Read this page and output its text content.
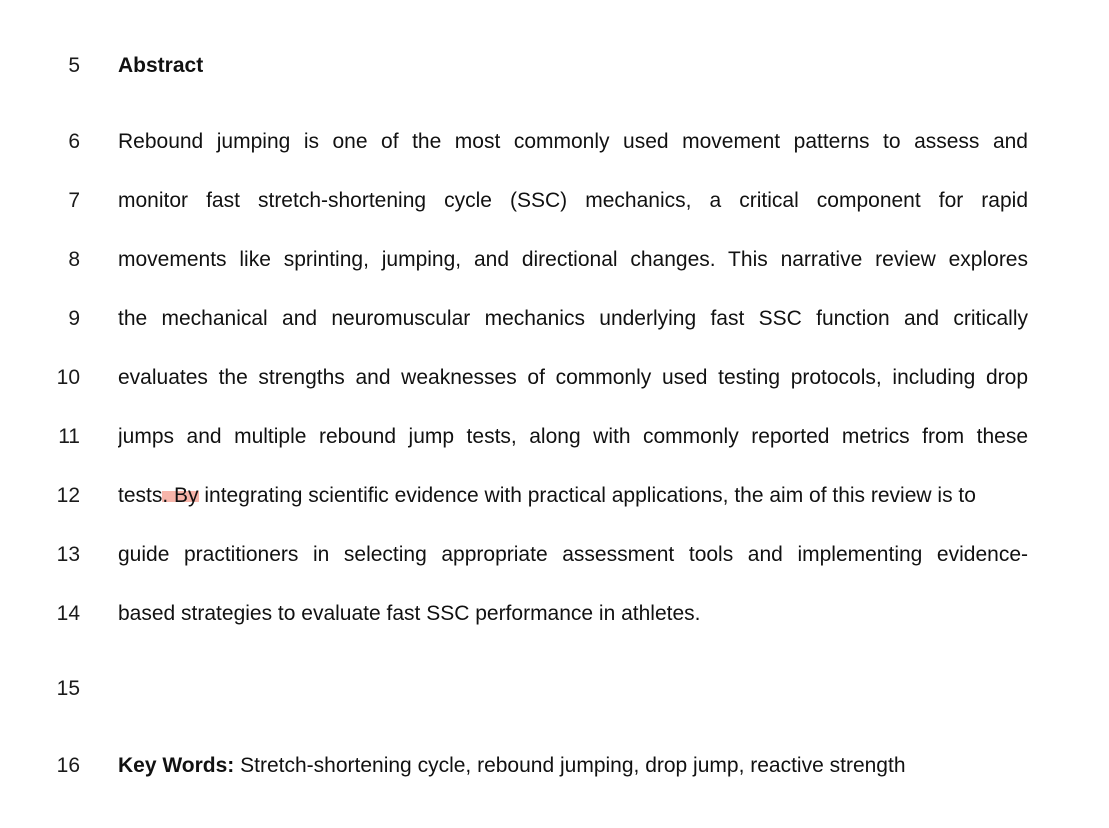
5 Abstract
6 Rebound jumping is one of the most commonly used movement patterns to assess and
7 monitor fast stretch-shortening cycle (SSC) mechanics, a critical component for rapid
8 movements like sprinting, jumping, and directional changes. This narrative review explores
9 the mechanical and neuromuscular mechanics underlying fast SSC function and critically
10 evaluates the strengths and weaknesses of commonly used testing protocols, including drop
11 jumps and multiple rebound jump tests, along with commonly reported metrics from these
12 tests. By integrating scientific evidence with practical applications, the aim of this review is to
13 guide practitioners in selecting appropriate assessment tools and implementing evidence-
14 based strategies to evaluate fast SSC performance in athletes.
15
16 Key Words: Stretch-shortening cycle, rebound jumping, drop jump, reactive strength
